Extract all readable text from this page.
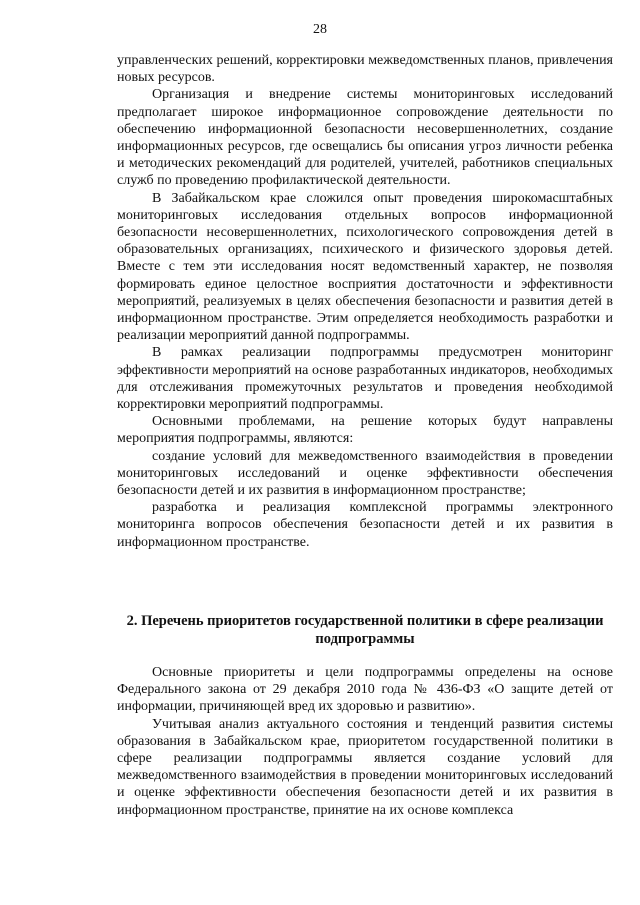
28

управленческих решений, корректировки межведомственных планов, привлечения новых ресурсов.

Организация и внедрение системы мониторинговых исследований предполагает широкое информационное сопровождение деятельности по обеспечению информационной безопасности несовершеннолетних, создание информационных ресурсов, где освещались бы описания угроз личности ребенка и методических рекомендаций для родителей, учителей, работников специальных служб по проведению профилактической деятельности.

В Забайкальском крае сложился опыт проведения широкомасштабных мониторинговых исследования отдельных вопросов информационной безопасности несовершеннолетних, психологического сопровождения детей в образовательных организациях, психического и физического здоровья детей. Вместе с тем эти исследования носят ведомственный характер, не позволяя формировать единое целостное восприятия достаточности и эффективности мероприятий, реализуемых в целях обеспечения безопасности и развития детей в информационном пространстве. Этим определяется необходимость разработки и реализации мероприятий данной подпрограммы.

В рамках реализации подпрограммы предусмотрен мониторинг эффективности мероприятий на основе разработанных индикаторов, необходимых для отслеживания промежуточных результатов и проведения необходимой корректировки мероприятий подпрограммы.

Основными проблемами, на решение которых будут направлены мероприятия подпрограммы, являются:

создание условий для межведомственного взаимодействия в проведении мониторинговых исследований и оценке эффективности обеспечения безопасности детей и их развития в информационном пространстве;

разработка и реализация комплексной программы электронного мониторинга вопросов обеспечения безопасности детей и их развития в информационном пространстве.

2. Перечень приоритетов государственной политики в сфере реализации подпрограммы

Основные приоритеты и цели подпрограммы определены на основе Федерального закона от 29 декабря 2010 года № 436-ФЗ «О защите детей от информации, причиняющей вред их здоровью и развитию».

Учитывая анализ актуального состояния и тенденций развития системы образования в Забайкальском крае, приоритетом государственной политики в сфере реализации подпрограммы является создание условий для межведомственного взаимодействия в проведении мониторинговых исследований и оценке эффективности обеспечения безопасности детей и их развития в информационном пространстве, принятие на их основе комплекса
